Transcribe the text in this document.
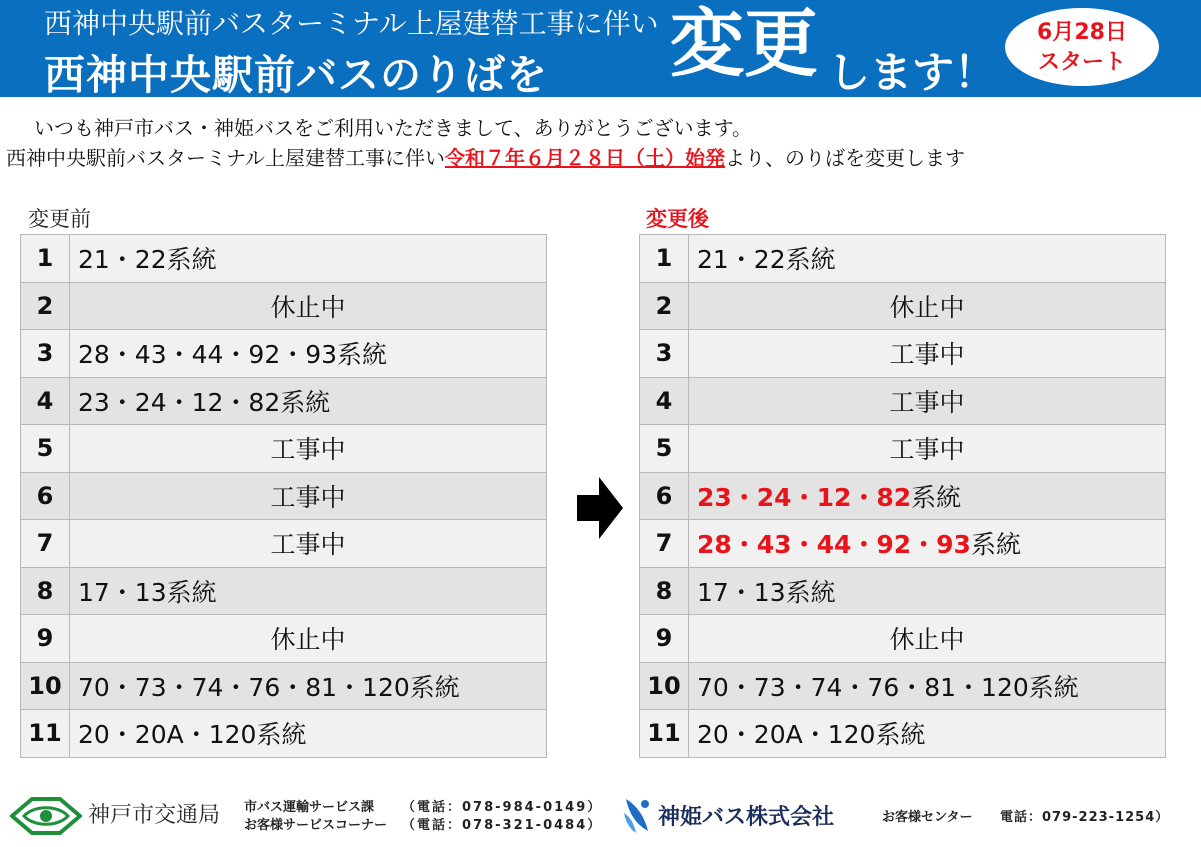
西神中央駅前バスターミナル上屋建替工事に伴い
西神中央駅前バスのりばを 変更 します！
6月28日
スタート
いつも神戸市バス・神姫バスをご利用いただきまして、ありがとうございます。
西神中央駅前バスターミナル上屋建替工事に伴い令和７年６月２８日（土）始発より、のりばを変更します
変更前	変更後
1	21・22系統
2	休止中
3	28・43・44・92・93系統
4	23・24・12・82系統
5	工事中
6	工事中
7	工事中
8	17・13系統
9	休止中
10	70・73・74・76・81・120系統
11	20・20A・120系統
1	21・22系統
2	休止中
3	工事中
4	工事中
5	工事中
6	23・24・12・82系統
7	28・43・44・92・93系統
8	17・13系統
9	休止中
10	70・73・74・76・81・120系統
11	20・20A・120系統
神戸市交通局 市バス運輸サービス課
お客様サービスコーナー
（電話：078-984-0149）
（電話：078-321-0484）	神姫バス株式会社	お客様センター 電話：079-223-1254）
